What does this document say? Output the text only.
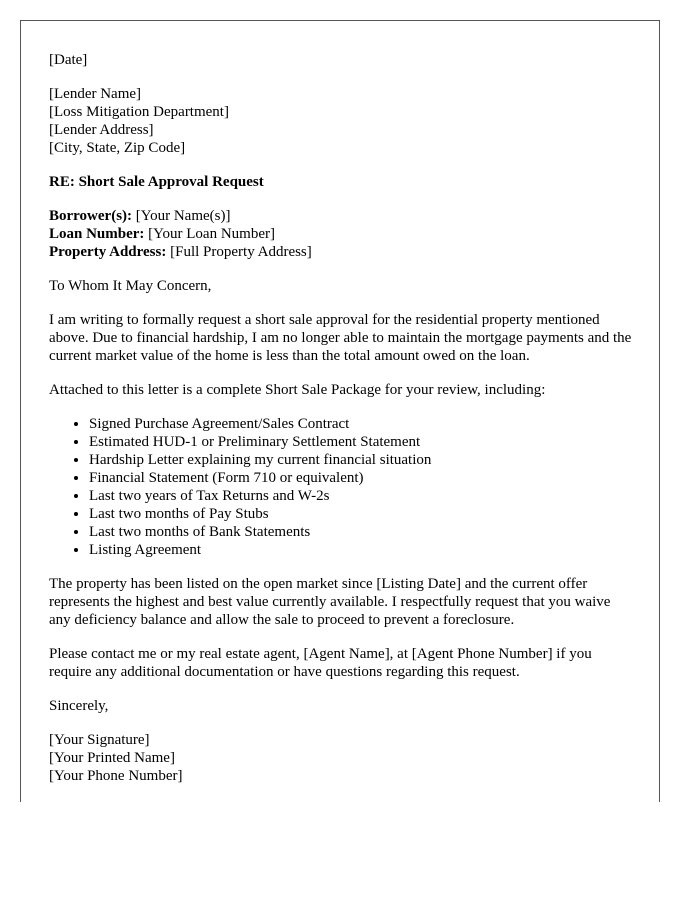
[Date]

[Lender Name]
[Loss Mitigation Department]
[Lender Address]
[City, State, Zip Code]

RE: Short Sale Approval Request

Borrower(s): [Your Name(s)]
Loan Number: [Your Loan Number]
Property Address: [Full Property Address]

To Whom It May Concern,

I am writing to formally request a short sale approval for the residential property mentioned above. Due to financial hardship, I am no longer able to maintain the mortgage payments and the current market value of the home is less than the total amount owed on the loan.

Attached to this letter is a complete Short Sale Package for your review, including:

• Signed Purchase Agreement/Sales Contract
• Estimated HUD-1 or Preliminary Settlement Statement
• Hardship Letter explaining my current financial situation
• Financial Statement (Form 710 or equivalent)
• Last two years of Tax Returns and W-2s
• Last two months of Pay Stubs
• Last two months of Bank Statements
• Listing Agreement

The property has been listed on the open market since [Listing Date] and the current offer represents the highest and best value currently available. I respectfully request that you waive any deficiency balance and allow the sale to proceed to prevent a foreclosure.

Please contact me or my real estate agent, [Agent Name], at [Agent Phone Number] if you require any additional documentation or have questions regarding this request.

Sincerely,

[Your Signature]
[Your Printed Name]
[Your Phone Number]
